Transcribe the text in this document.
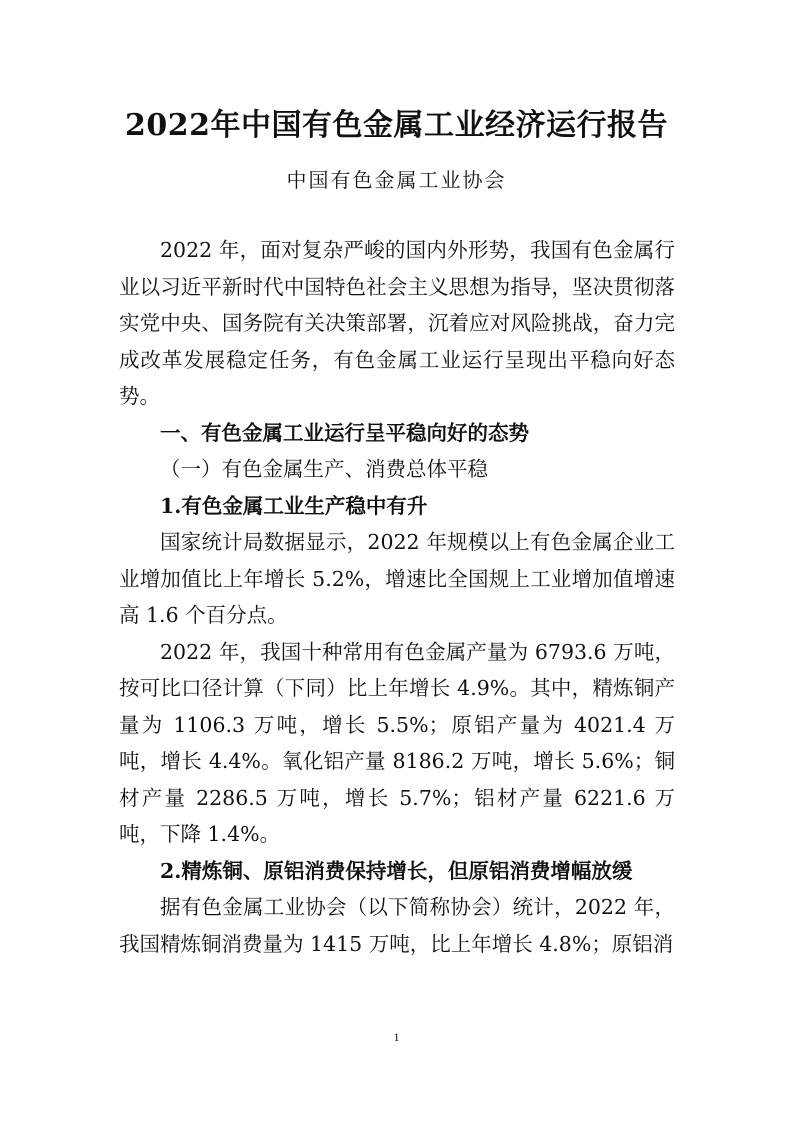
2022年中国有色金属工业经济运行报告
中国有色金属工业协会

2022 年，面对复杂严峻的国内外形势，我国有色金属行业以习近平新时代中国特色社会主义思想为指导，坚决贯彻落实党中央、国务院有关决策部署，沉着应对风险挑战，奋力完成改革发展稳定任务，有色金属工业运行呈现出平稳向好态势。

一、有色金属工业运行呈平稳向好的态势

（一）有色金属生产、消费总体平稳

1.有色金属工业生产稳中有升

国家统计局数据显示，2022 年规模以上有色金属企业工业增加值比上年增长 5.2%，增速比全国规上工业增加值增速高 1.6 个百分点。

2022 年，我国十种常用有色金属产量为 6793.6 万吨，按可比口径计算（下同）比上年增长 4.9%。其中，精炼铜产量为 1106.3 万吨，增长 5.5%；原铝产量为 4021.4 万吨，增长 4.4%。氧化铝产量 8186.2 万吨，增长 5.6%；铜材产量 2286.5 万吨，增长 5.7%；铝材产量 6221.6 万吨，下降 1.4%。

2.精炼铜、原铝消费保持增长，但原铝消费增幅放缓

据有色金属工业协会（以下简称协会）统计，2022 年，我国精炼铜消费量为 1415 万吨，比上年增长 4.8%；原铝消

1
